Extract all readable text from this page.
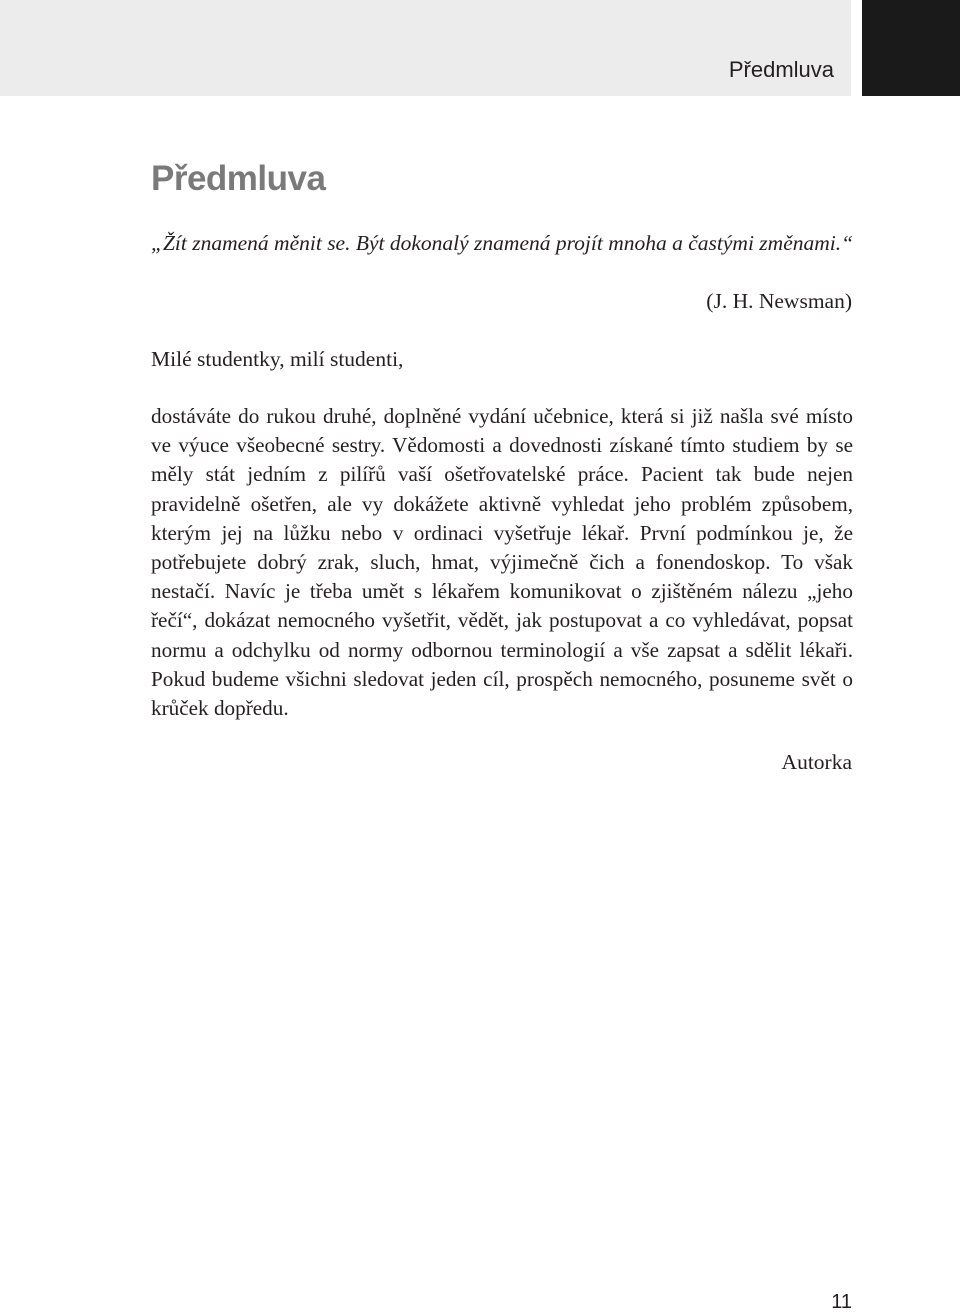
Předmluva
Předmluva

„Žít znamená měnit se. Být dokonalý znamená projít mnoha a častými změnami.“

(J. H. Newsman)

Milé studentky, milí studenti,

dostáváte do rukou druhé, doplněné vydání učebnice, která si již našla své místo ve výuce všeobecné sestry. Vědomosti a dovednosti získané tímto studiem by se měly stát jedním z pilířů vaší ošetřovatelské práce. Pacient tak bude nejen pravidelně ošetřen, ale vy dokážete aktivně vyhledat jeho problém způsobem, kterým jej na lůžku nebo v ordinaci vyšetřuje lékař. První podmínkou je, že potřebujete dobrý zrak, sluch, hmat, výjimečně čich a fonendoskop. To však nestačí. Navíc je třeba umět s lékařem komunikovat o zjištěném nálezu „jeho řečí“, dokázat nemocného vyšetřit, vědět, jak postupovat a co vyhledávat, popsat normu a odchylku od normy odbornou terminologií a vše zapsat a sdělit lékaři. Pokud budeme všichni sledovat jeden cíl, prospěch nemocného, posuneme svět o krůček dopředu.

Autorka
11
